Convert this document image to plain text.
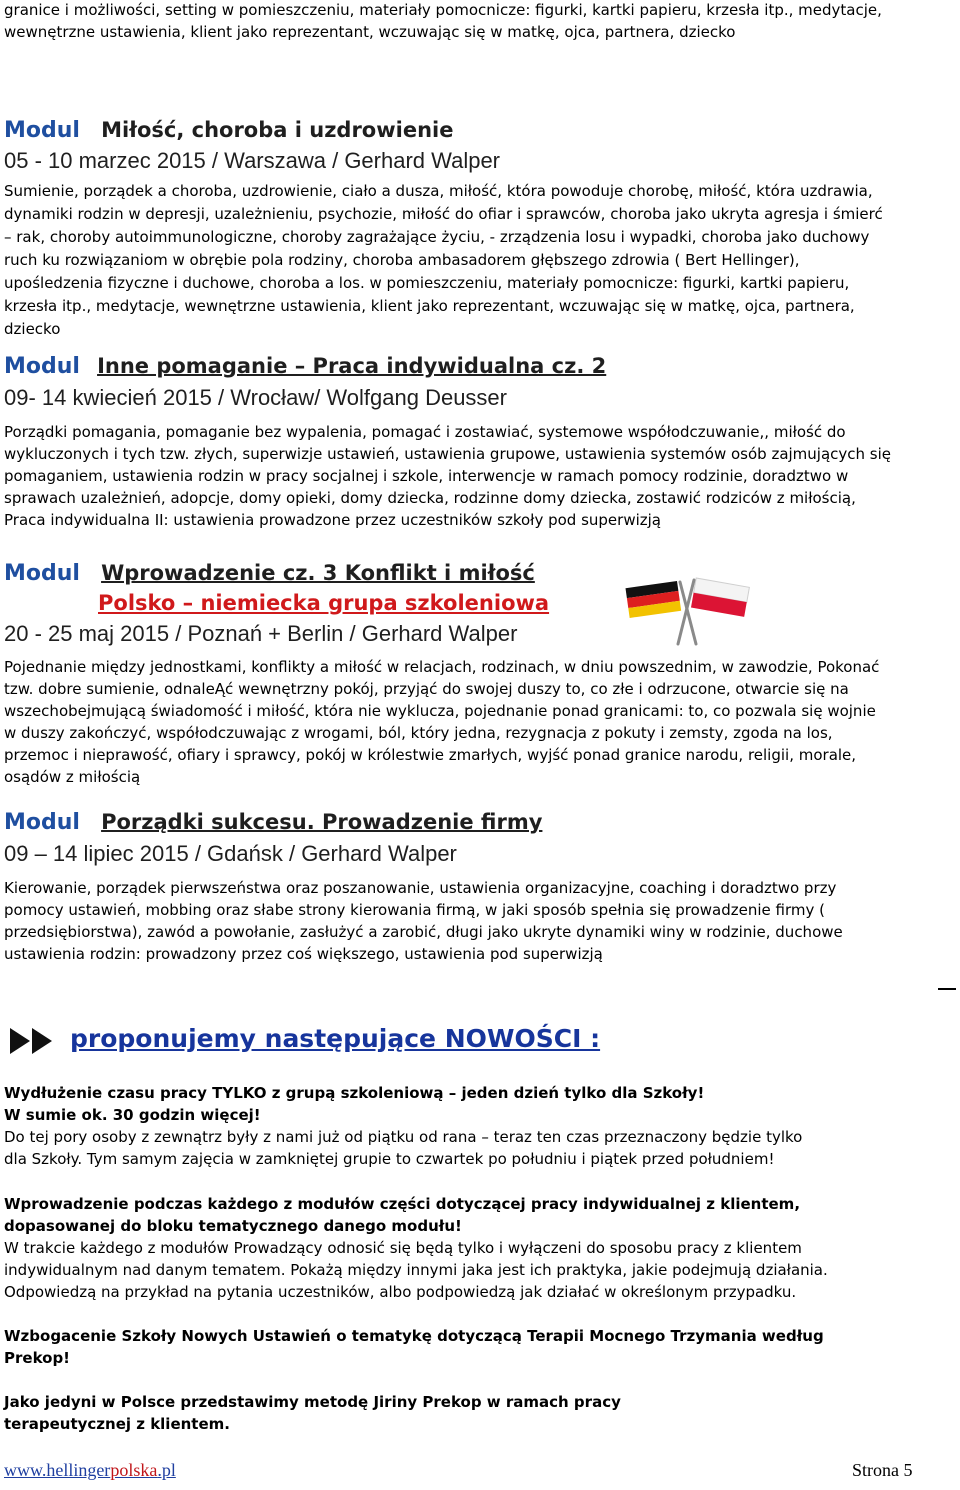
granice i możliwości, setting w pomieszczeniu, materiały pomocnicze: figurki, kartki papieru, krzesła itp., medytacje,
wewnętrzne ustawienia, klient jako reprezentant, wczuwając się w matkę, ojca, partnera, dziecko
Modul Miłość, choroba i uzdrowienie
05 - 10 marzec 2015 / Warszawa / Gerhard Walper
Sumienie, porządek a choroba, uzdrowienie, ciało a dusza, miłość, która powoduje chorobę, miłość, która uzdrawia,
dynamiki rodzin w depresji, uzależnieniu, psychozie, miłość do ofiar i sprawców, choroba jako ukryta agresja i śmierć
– rak, choroby autoimmunologiczne, choroby zagrażające życiu, - zrządzenia losu i wypadki, choroba jako duchowy
ruch ku rozwiązaniom w obrębie pola rodziny, choroba ambasadorem głębszego zdrowia ( Bert Hellinger),
upośledzenia fizyczne i duchowe, choroba a los. w pomieszczeniu, materiały pomocnicze: figurki, kartki papieru,
krzesła itp., medytacje, wewnętrzne ustawienia, klient jako reprezentant, wczuwając się w matkę, ojca, partnera,
dziecko
Modul Inne pomaganie – Praca indywidualna cz. 2
09- 14 kwiecień 2015 / Wrocław/ Wolfgang Deusser
Porządki pomagania, pomaganie bez wypalenia, pomagać i zostawiać, systemowe współodczuwanie,, miłość do
wykluczonych i tych tzw. złych, superwizje ustawień, ustawienia grupowe, ustawienia systemów osób zajmujących się
pomaganiem, ustawienia rodzin w pracy socjalnej i szkole, interwencje w ramach pomocy rodzinie, doradztwo w
sprawach uzależnień, adopcje, domy opieki, domy dziecka, rodzinne domy dziecka, zostawić rodziców z miłością,
Praca indywidualna II: ustawienia prowadzone przez uczestników szkoły pod superwizją
Modul Wprowadzenie cz. 3 Konflikt i miłość
Polsko – niemiecka grupa szkoleniowa
20 - 25 maj 2015 / Poznań + Berlin / Gerhard Walper
Pojednanie między jednostkami, konflikty a miłość w relacjach, rodzinach, w dniu powszednim, w zawodzie, Pokonać
tzw. dobre sumienie, odnaleĄć wewnętrzny pokój, przyjąć do swojej duszy to, co złe i odrzucone, otwarcie się na
wszechobejmującą świadomość i miłość, która nie wyklucza, pojednanie ponad granicami: to, co pozwala się wojnie
w duszy zakończyć, współodczuwając z wrogami, ból, który jedna, rezygnacja z pokuty i zemsty, zgoda na los,
przemoc i nieprawość, ofiary i sprawcy, pokój w królestwie zmarłych, wyjść ponad granice narodu, religii, morale,
osądów z miłością
Modul Porządki sukcesu. Prowadzenie firmy
09 – 14 lipiec 2015 / Gdańsk / Gerhard Walper
Kierowanie, porządek pierwszeństwa oraz poszanowanie, ustawienia organizacyjne, coaching i doradztwo przy
pomocy ustawień, mobbing oraz słabe strony kierowania firmą, w jaki sposób spełnia się prowadzenie firmy (
przedsiębiorstwa), zawód a powołanie, zasłużyć a zarobić, długi jako ukryte dynamiki winy w rodzinie, duchowe
ustawienia rodzin: prowadzony przez coś większego, ustawienia pod superwizją
proponujemy następujące NOWOŚCI :
Wydłużenie czasu pracy TYLKO z grupą szkoleniową – jeden dzień tylko dla Szkoły!
W sumie ok. 30 godzin więcej!
Do tej pory osoby z zewnątrz były z nami już od piątku od rana – teraz ten czas przeznaczony będzie tylko
dla Szkoły. Tym samym zajęcia w zamkniętej grupie to czwartek po południu i piątek przed południem!
Wprowadzenie podczas każdego z modułów części dotyczącej pracy indywidualnej z klientem,
dopasowanej do bloku tematycznego danego modułu!
W trakcie każdego z modułów Prowadzący odnosić się będą tylko i wyłączeni do sposobu pracy z klientem
indywidualnym nad danym tematem. Pokażą między innymi jaka jest ich praktyka, jakie podejmują działania.
Odpowiedzą na przykład na pytania uczestników, albo podpowiedzą jak działać w określonym przypadku.
Wzbogacenie Szkoły Nowych Ustawień o tematykę dotyczącą Terapii Mocnego Trzymania według
Prekop!
Jako jedyni w Polsce przedstawimy metodę Jiriny Prekop w ramach pracy
terapeutycznej z klientem.
www.hellingerpolska.pl	Strona 5
